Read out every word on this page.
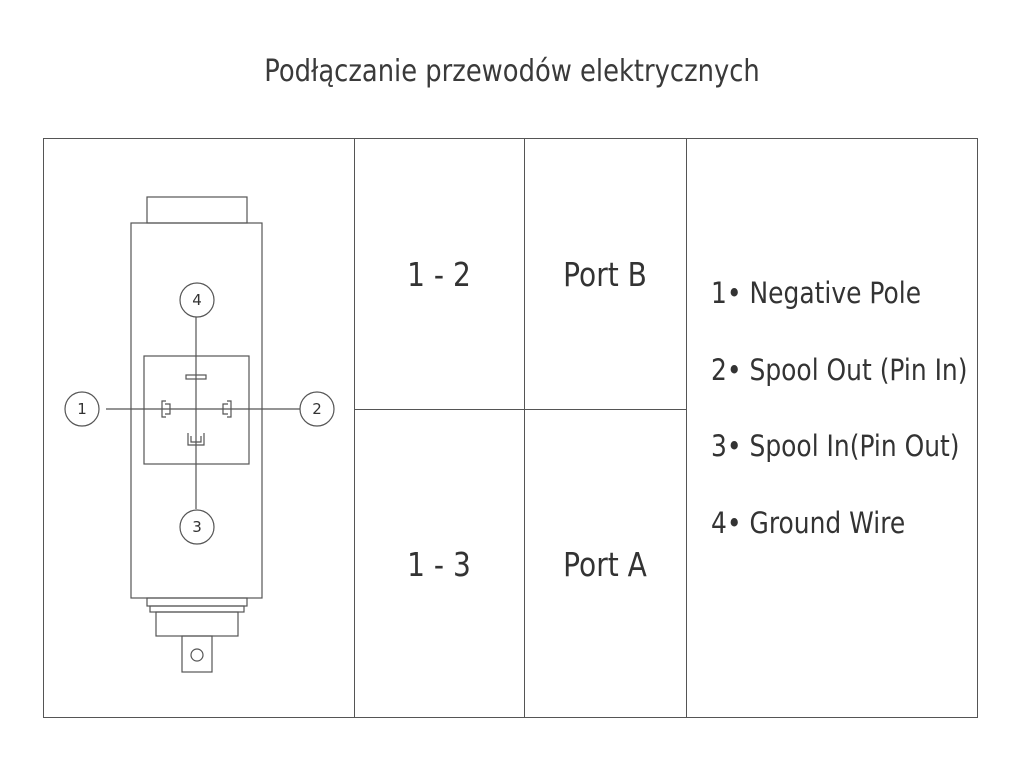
Podłączanie przewodów elektrycznych
1	2
3
4
1 - 2
1 - 3
Port B
Port A
1• Negative Pole
2• Spool Out (Pin In)
3• Spool In(Pin Out)
4• Ground Wire
